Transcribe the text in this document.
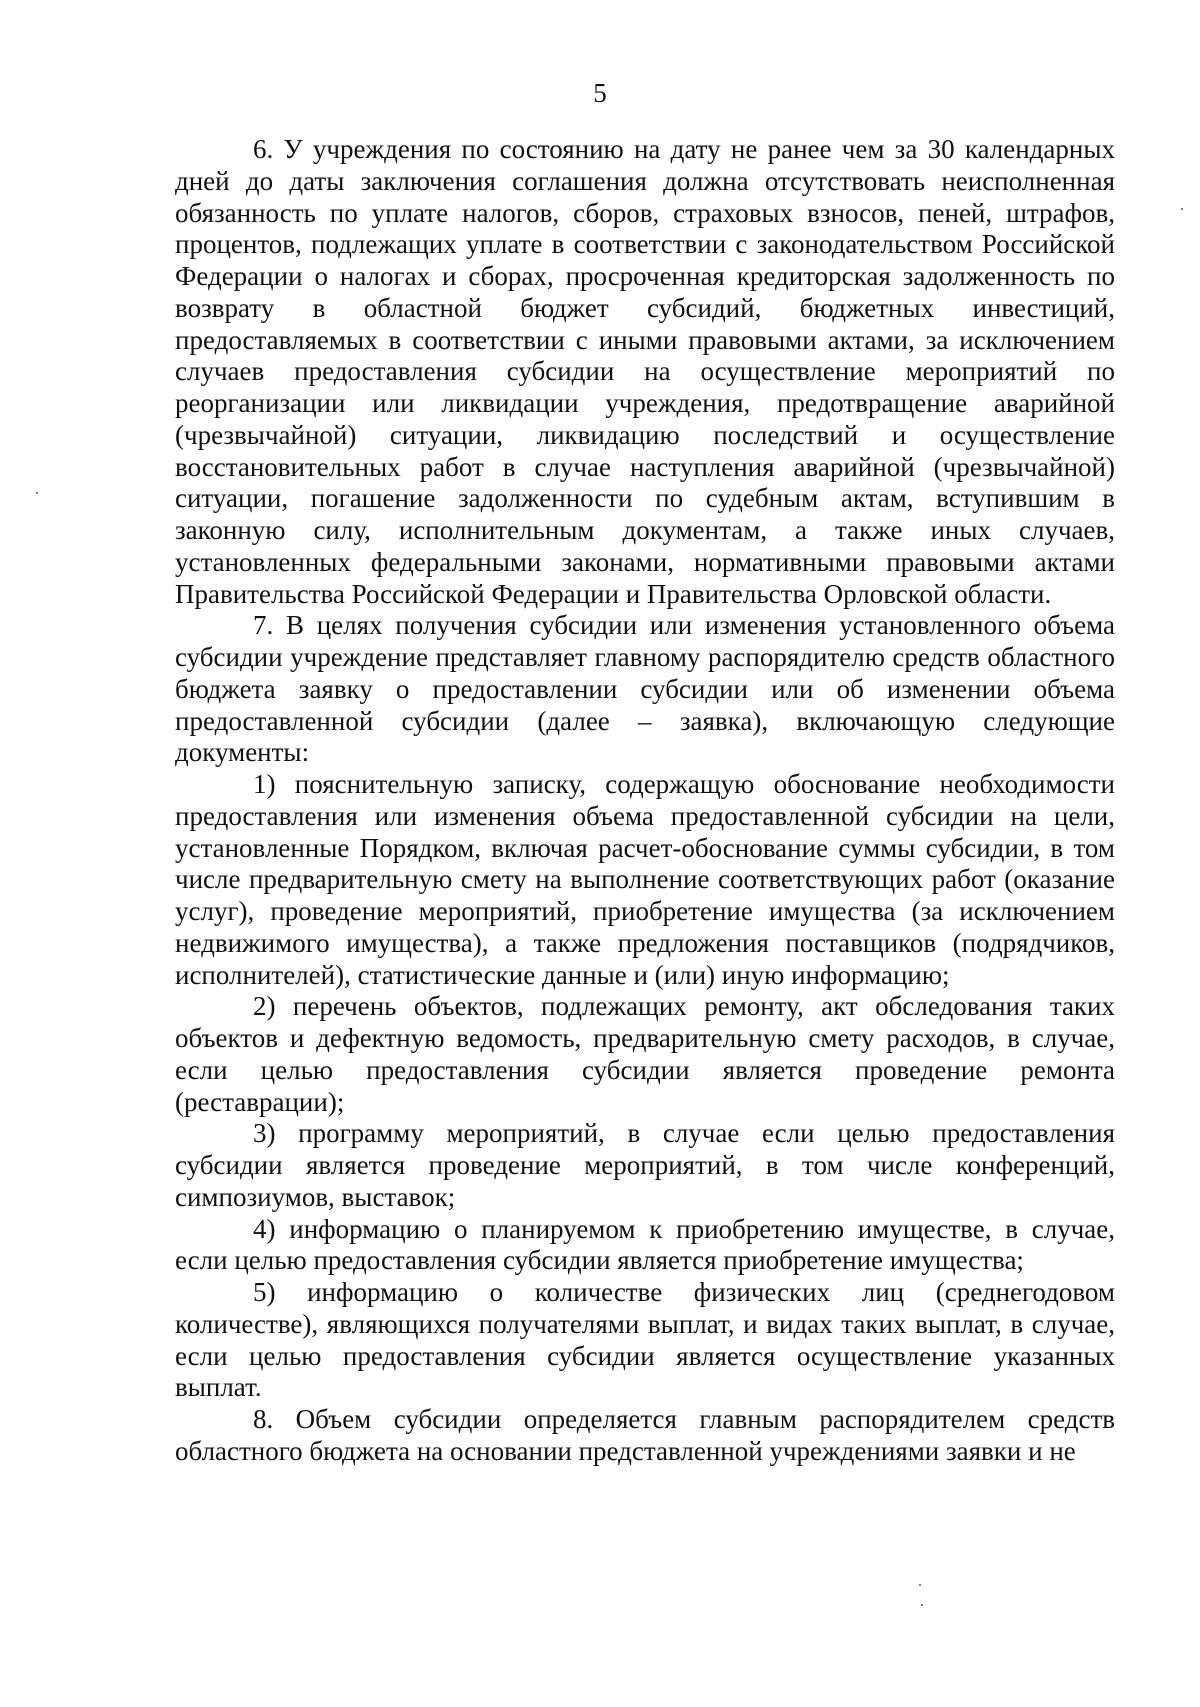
5

6. У учреждения по состоянию на дату не ранее чем за 30 календарных дней до даты заключения соглашения должна отсутствовать неисполненная обязанность по уплате налогов, сборов, страховых взносов, пеней, штрафов, процентов, подлежащих уплате в соответствии с законодательством Российской Федерации о налогах и сборах, просроченная кредиторская задолженность по возврату в областной бюджет субсидий, бюджетных инвестиций, предоставляемых в соответствии с иными правовыми актами, за исключением случаев предоставления субсидии на осуществление мероприятий по реорганизации или ликвидации учреждения, предотвращение аварийной (чрезвычайной) ситуации, ликвидацию последствий и осуществление восстановительных работ в случае наступления аварийной (чрезвычайной) ситуации, погашение задолженности по судебным актам, вступившим в законную силу, исполнительным документам, а также иных случаев, установленных федеральными законами, нормативными правовыми актами Правительства Российской Федерации и Правительства Орловской области.

7. В целях получения субсидии или изменения установленного объема субсидии учреждение представляет главному распорядителю средств областного бюджета заявку о предоставлении субсидии или об изменении объема предоставленной субсидии (далее – заявка), включающую следующие документы:

1) пояснительную записку, содержащую обоснование необходимости предоставления или изменения объема предоставленной субсидии на цели, установленные Порядком, включая расчет-обоснование суммы субсидии, в том числе предварительную смету на выполнение соответствующих работ (оказание услуг), проведение мероприятий, приобретение имущества (за исключением недвижимого имущества), а также предложения поставщиков (подрядчиков, исполнителей), статистические данные и (или) иную информацию;

2) перечень объектов, подлежащих ремонту, акт обследования таких объектов и дефектную ведомость, предварительную смету расходов, в случае, если целью предоставления субсидии является проведение ремонта (реставрации);

3) программу мероприятий, в случае если целью предоставления субсидии является проведение мероприятий, в том числе конференций, симпозиумов, выставок;

4) информацию о планируемом к приобретению имуществе, в случае, если целью предоставления субсидии является приобретение имущества;

5) информацию о количестве физических лиц (среднегодовом количестве), являющихся получателями выплат, и видах таких выплат, в случае, если целью предоставления субсидии является осуществление указанных выплат.

8. Объем субсидии определяется главным распорядителем средств областного бюджета на основании представленной учреждениями заявки и не
